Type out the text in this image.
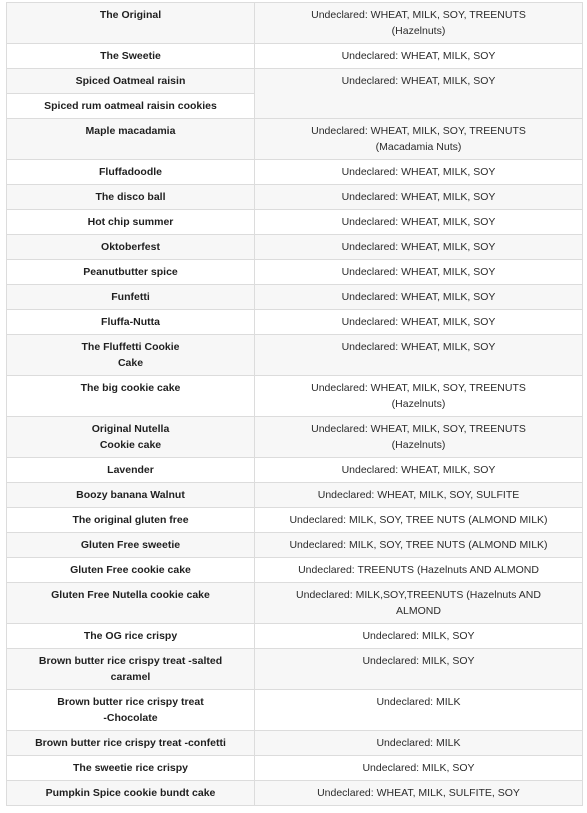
The Original	Undeclared: WHEAT, MILK, SOY, TREENUTS
(Hazelnuts)
The Sweetie	Undeclared: WHEAT, MILK, SOY
Spiced Oatmeal raisin	Undeclared: WHEAT, MILK, SOY
Spiced rum oatmeal raisin cookies	
Maple macadamia	Undeclared: WHEAT, MILK, SOY, TREENUTS
(Macadamia Nuts)
Fluffadoodle	Undeclared: WHEAT, MILK, SOY
The disco ball	Undeclared: WHEAT, MILK, SOY
Hot chip summer	Undeclared: WHEAT, MILK, SOY
Oktoberfest	Undeclared: WHEAT, MILK, SOY
Peanutbutter spice	Undeclared: WHEAT, MILK, SOY
Funfetti	Undeclared: WHEAT, MILK, SOY
Fluffa-Nutta	Undeclared: WHEAT, MILK, SOY
The Fluffetti Cookie
Cake	Undeclared: WHEAT, MILK, SOY
The big cookie cake	Undeclared: WHEAT, MILK, SOY, TREENUTS
(Hazelnuts)
Original Nutella
Cookie cake	Undeclared: WHEAT, MILK, SOY, TREENUTS
(Hazelnuts)
Lavender	Undeclared: WHEAT, MILK, SOY
Boozy banana Walnut	Undeclared: WHEAT, MILK, SOY, SULFITE
The original gluten free	Undeclared: MILK, SOY, TREE NUTS (ALMOND MILK)
Gluten Free sweetie	Undeclared: MILK, SOY, TREE NUTS (ALMOND MILK)
Gluten Free cookie cake	Undeclared: TREENUTS (Hazelnuts AND ALMOND
Gluten Free Nutella cookie cake	Undeclared: MILK,SOY,TREENUTS (Hazelnuts AND
ALMOND
The OG rice crispy	Undeclared: MILK, SOY
Brown butter rice crispy treat -salted
caramel	Undeclared: MILK, SOY
Brown butter rice crispy treat
-Chocolate	Undeclared: MILK
Brown butter rice crispy treat -confetti	Undeclared: MILK
The sweetie rice crispy	Undeclared: MILK, SOY
Pumpkin Spice cookie bundt cake	Undeclared: WHEAT, MILK, SULFITE, SOY
